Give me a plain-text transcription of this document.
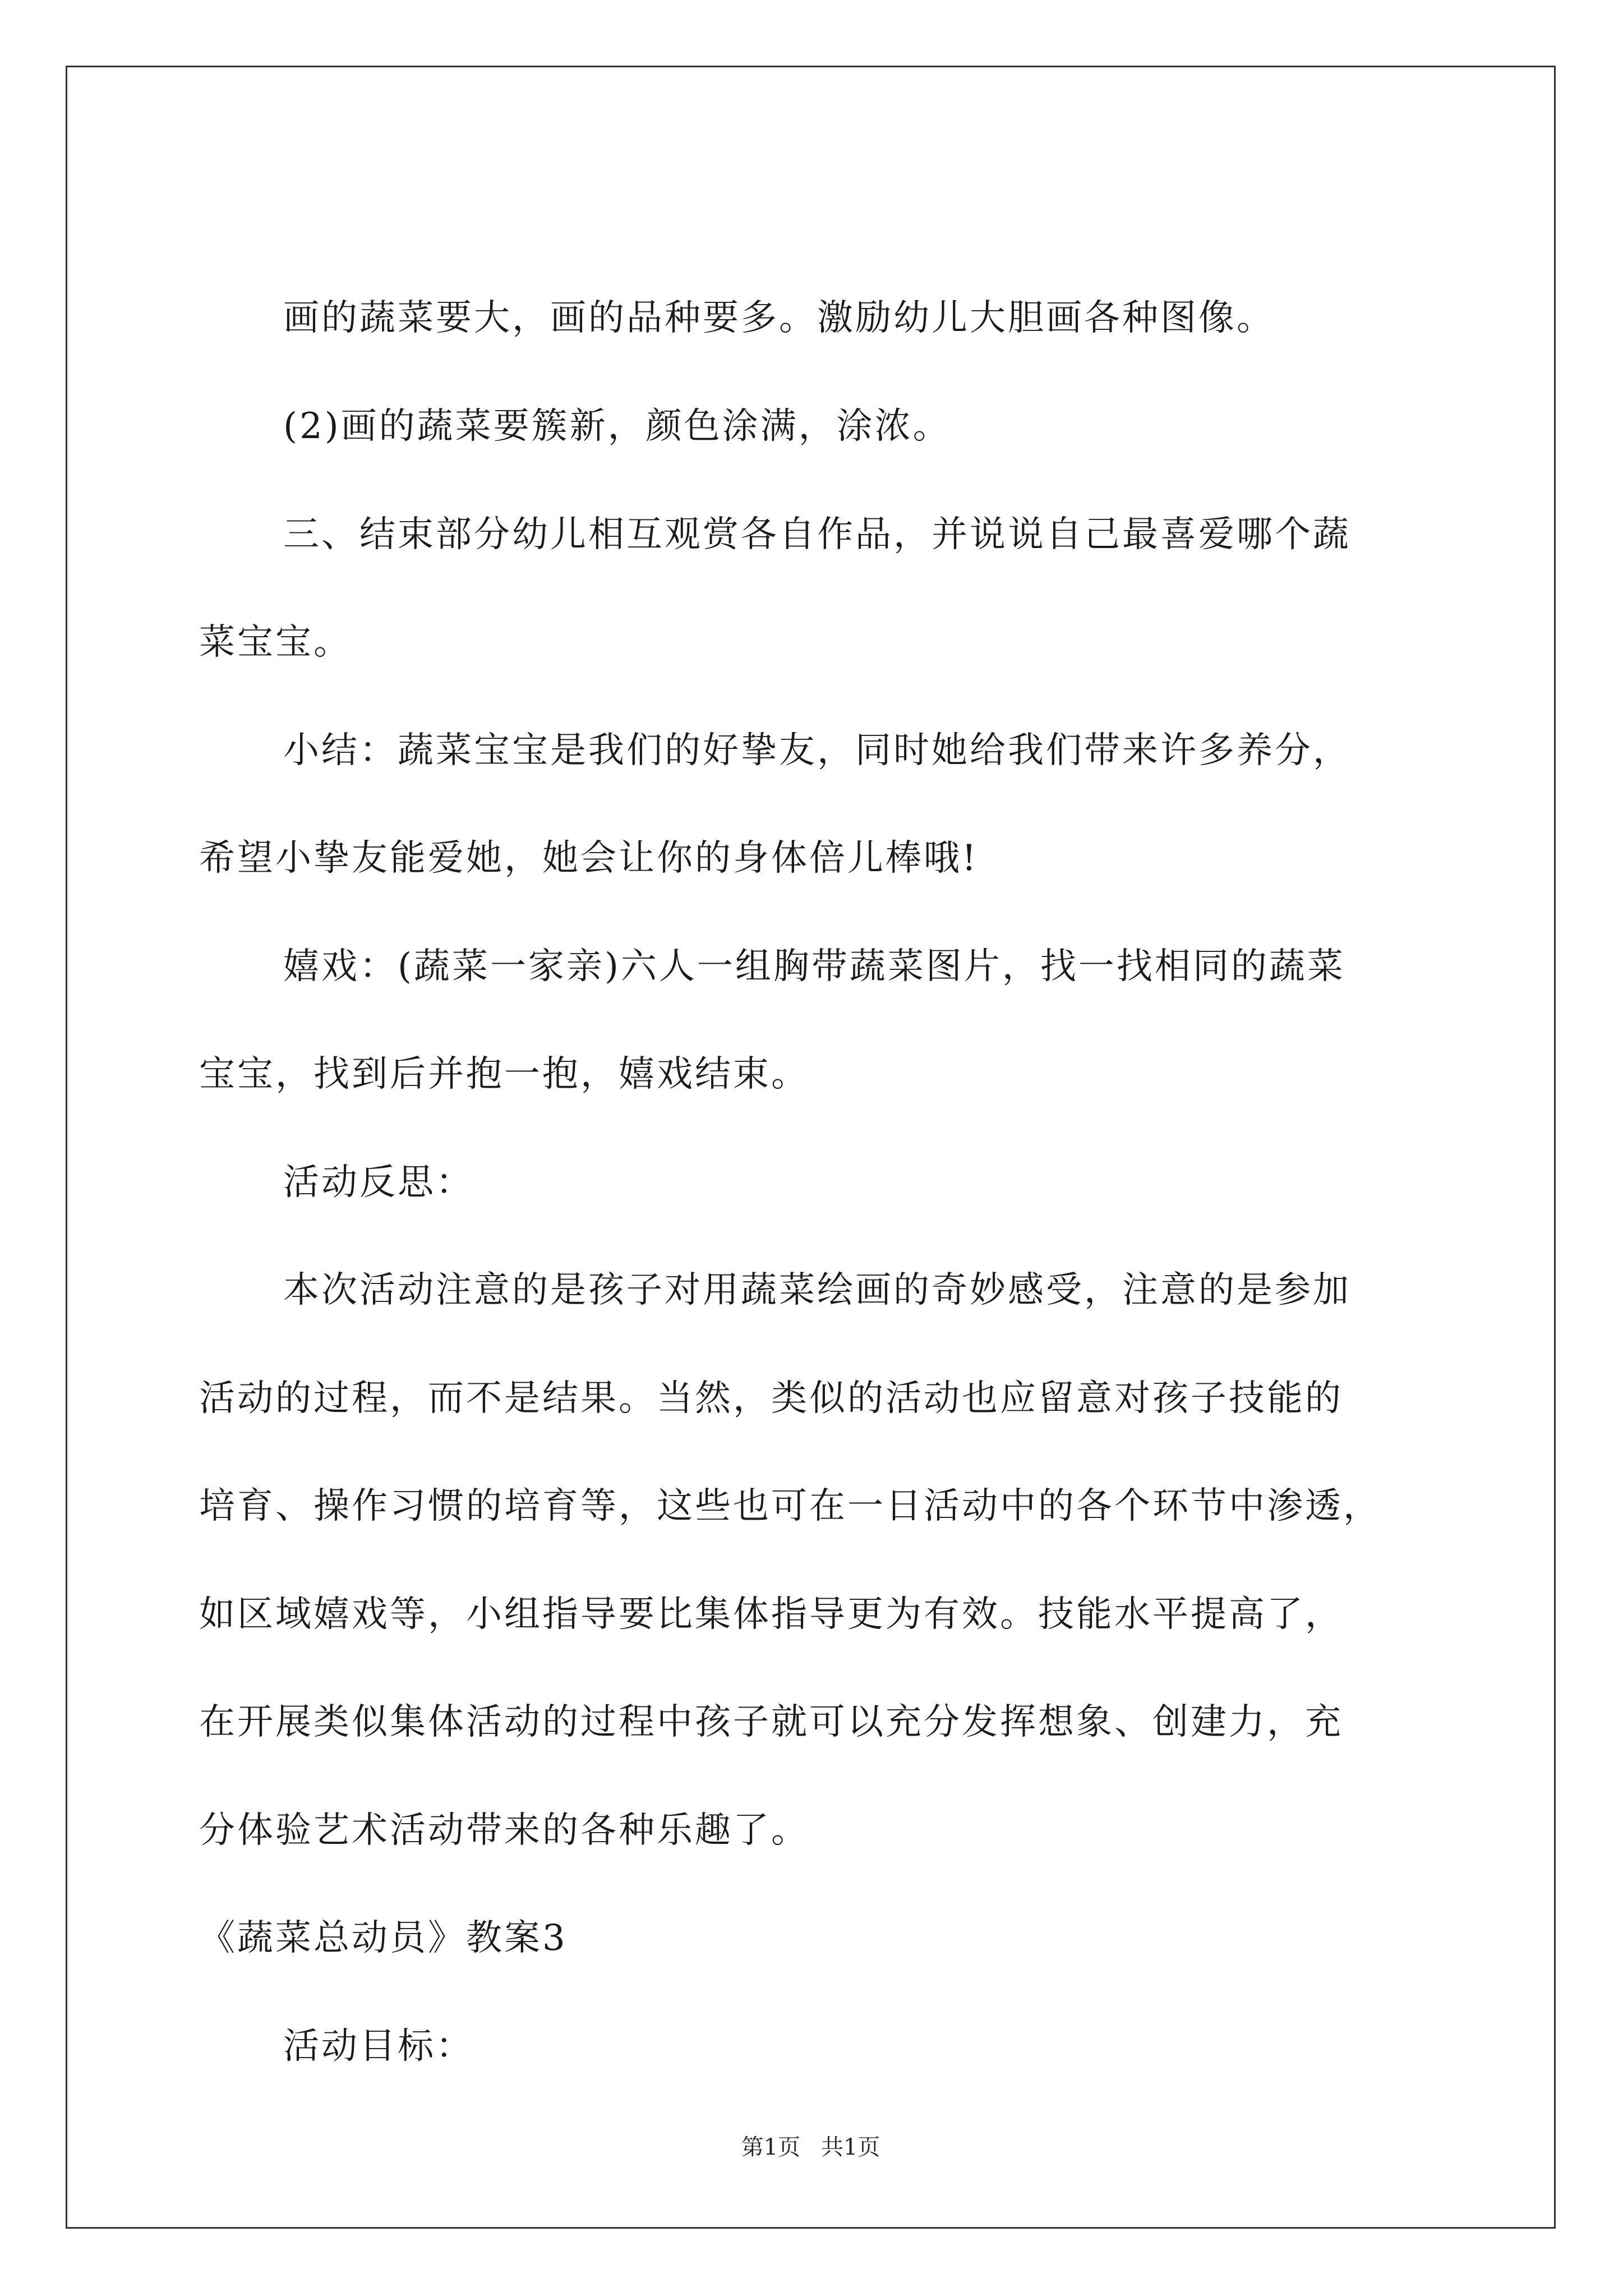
画的蔬菜要大，画的品种要多。激励幼儿大胆画各种图像。
(2)画的蔬菜要簇新，颜色涂满，涂浓。
三、结束部分幼儿相互观赏各自作品，并说说自己最喜爱哪个蔬
菜宝宝。
小结：蔬菜宝宝是我们的好挚友，同时她给我们带来许多养分，
希望小挚友能爱她，她会让你的身体倍儿棒哦!
嬉戏：(蔬菜一家亲)六人一组胸带蔬菜图片，找一找相同的蔬菜
宝宝，找到后并抱一抱，嬉戏结束。
活动反思：
本次活动注意的是孩子对用蔬菜绘画的奇妙感受，注意的是参加
活动的过程，而不是结果。当然，类似的活动也应留意对孩子技能的
培育、操作习惯的培育等，这些也可在一日活动中的各个环节中渗透，
如区域嬉戏等，小组指导要比集体指导更为有效。技能水平提高了，
在开展类似集体活动的过程中孩子就可以充分发挥想象、创建力，充
分体验艺术活动带来的各种乐趣了。
《蔬菜总动员》教案3
活动目标：
第1页 共1页
